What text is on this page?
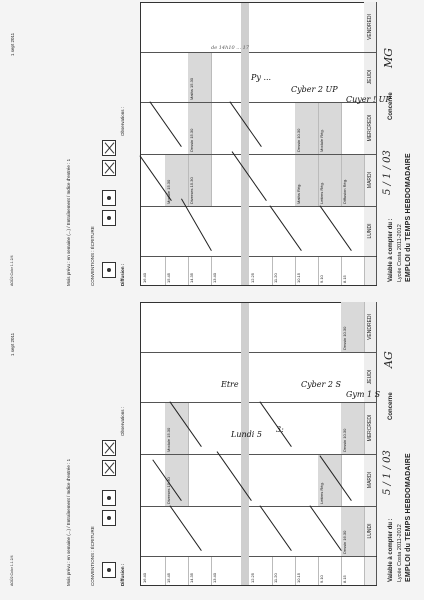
EMPLOI du TEMPS HEBDOMADAIRE
Lycée Costa 2011-2012
Valable à compter du :
5 / 1 / 03
Concerne
MG
8.15
9.10
10.15
11.20
12.25
13.40
14.35
15.45
16.40
LUNDI
MARDI
Diffusion Rég.
Lettres Rég.
Maths Rég.
Diverses 15.30
Module 15.30
MERCREDI
Module Rég.
Dessin 10.30
Dessin 15.30
JEUDI
Maths 15.30
VENDREDI
Cuyer ! UP
Cyber 2 UP
Py ...
de 14h10 ... 17
Diffusion :
CONVENTIONS : ÉCRITURE
Mois prévu : en semaine (...) / Entraînement / Indice d'entrée : 1
Observations :
1 sept 2011
AOÛ2 Color 1.1 2/4
EMPLOI du TEMPS HEBDOMADAIRE
Lycée Costa 2011-2012
Valable à compter du :
5 / 1 / 03
Concerne
AG
8.15
9.10
10.15
11.20
12.25
13.40
14.35
15.45
16.40
LUNDI
Dessin 16.30
MARDI
Lettres Rég.
Diverses 15.30
MERCREDI
Dessin 10.30
Module 15.30
JEUDI
VENDREDI
Dessin 10.30
Gym 1 S
Cyber 2 S
3:
Lundi 5
Etre
Diffusion :
CONVENTIONS : ÉCRITURE
Mois prévu : en semaine (...) / Entraînement / Indice d'entrée : 1
Observations :
1 sept 2011
AOÛ2 Color 1.1 2/4
